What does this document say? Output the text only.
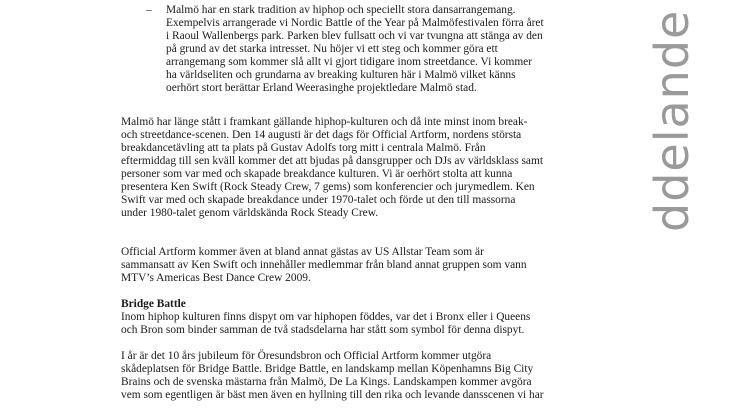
– Malmö har en stark tradition av hiphop och speciellt stora dansarrangemang.
Exempelvis arrangerade vi Nordic Battle of the Year på Malmöfestivalen förra året
i Raoul Wallenbergs park. Parken blev fullsatt och vi var tvungna att stänga av den
på grund av det starka intresset. Nu höjer vi ett steg och kommer göra ett
arrangemang som kommer slå allt vi gjort tidigare inom streetdance. Vi kommer
ha världseliten och grundarna av breaking kulturen här i Malmö vilket känns
oerhört stort berättar Erland Weerasinghe projektledare Malmö stad.
Malmö har länge stått i framkant gällande hiphop-kulturen och då inte minst inom break-
och streetdance-scenen. Den 14 augusti är det dags för Official Artform, nordens största
breakdancetävling att ta plats på Gustav Adolfs torg mitt i centrala Malmö. Från
eftermiddag till sen kväll kommer det att bjudas på dansgrupper och DJs av världsklass samt
personer som var med och skapade breakdance kulturen. Vi är oerhört stolta att kunna
presentera Ken Swift (Rock Steady Crew, 7 gems) som konferencier och jurymedlem. Ken
Swift var med och skapade breakdance under 1970-talet och förde ut den till massorna
under 1980-talet genom världskända Rock Steady Crew.
Official Artform kommer även at bland annat gästas av US Allstar Team som är
sammansatt av Ken Swift och innehåller medlemmar från bland annat gruppen som vann
MTV’s Americas Best Dance Crew 2009.
Bridge Battle
Inom hiphop kulturen finns dispyt om var hiphopen föddes, var det i Bronx eller i Queens
och Bron som binder samman de två stadsdelarna har stått som symbol för denna dispyt.
I år är det 10 års jubileum för Öresundsbron och Official Artform kommer utgöra
skådeplatsen för Bridge Battle. Bridge Battle, en landskamp mellan Köpenhamns Big City
Brains och de svenska mästarna från Malmö, De La Kings. Landskampen kommer avgöra
vem som egentligen är bäst men även en hyllning till den rika och levande dansscenen vi har
ddelande
